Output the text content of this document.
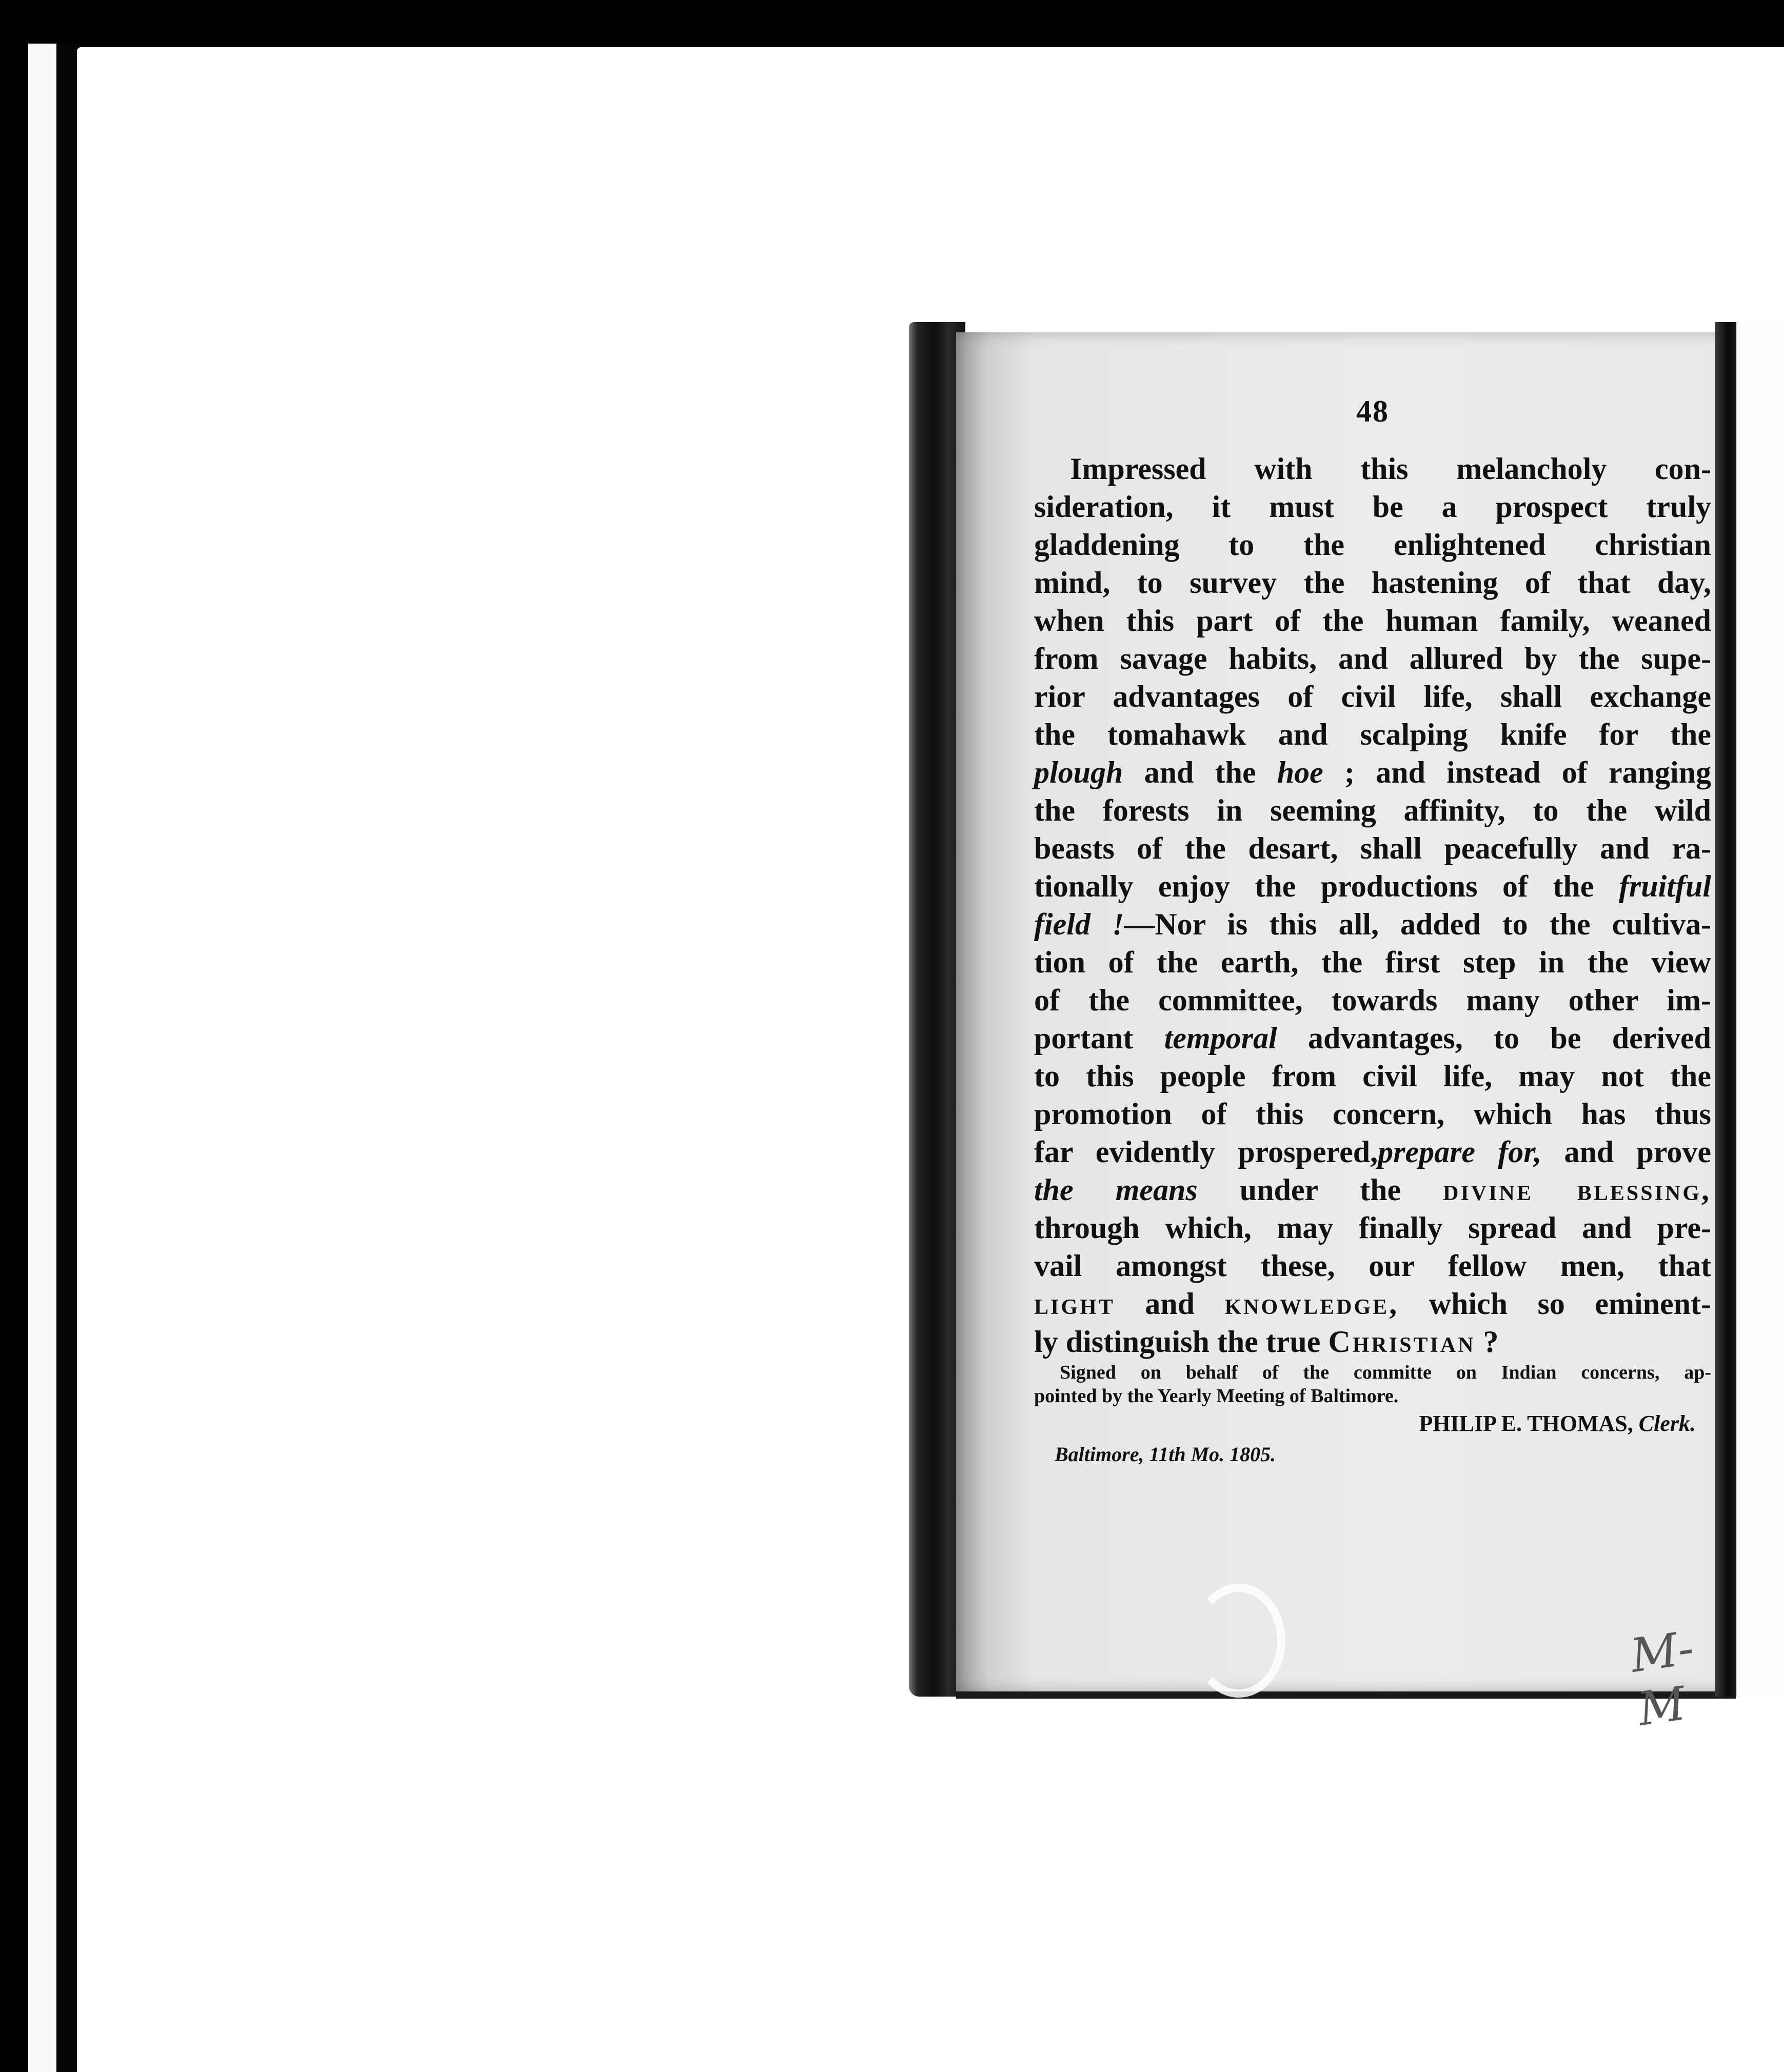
48
Impressed with this melancholy con-
sideration, it must be a prospect truly
gladdening to the enlightened christian
mind, to survey the hastening of that day,
when this part of the human family, weaned
from savage habits, and allured by the supe-
rior advantages of civil life, shall exchange
the tomahawk and scalping knife for the
plough and the hoe ; and instead of ranging
the forests in seeming affinity, to the wild
beasts of the desart, shall peacefully and ra-
tionally enjoy the productions of the fruitful
field !—Nor is this all, added to the cultiva-
tion of the earth, the first step in the view
of the committee, towards many other im-
portant temporal advantages, to be derived
to this people from civil life, may not the
promotion of this concern, which has thus
far evidently prospered,prepare for, and prove
the means under the divine blessing,
through which, may finally spread and pre-
vail amongst these, our fellow men, that
light and knowledge, which so eminent-
ly distinguish the true Christian ?
Signed on behalf of the committe on Indian concerns, ap-
pointed by the Yearly Meeting of Baltimore.
PHILIP E. THOMAS, Clerk.
Baltimore, 11th Mo. 1805.
M-M
